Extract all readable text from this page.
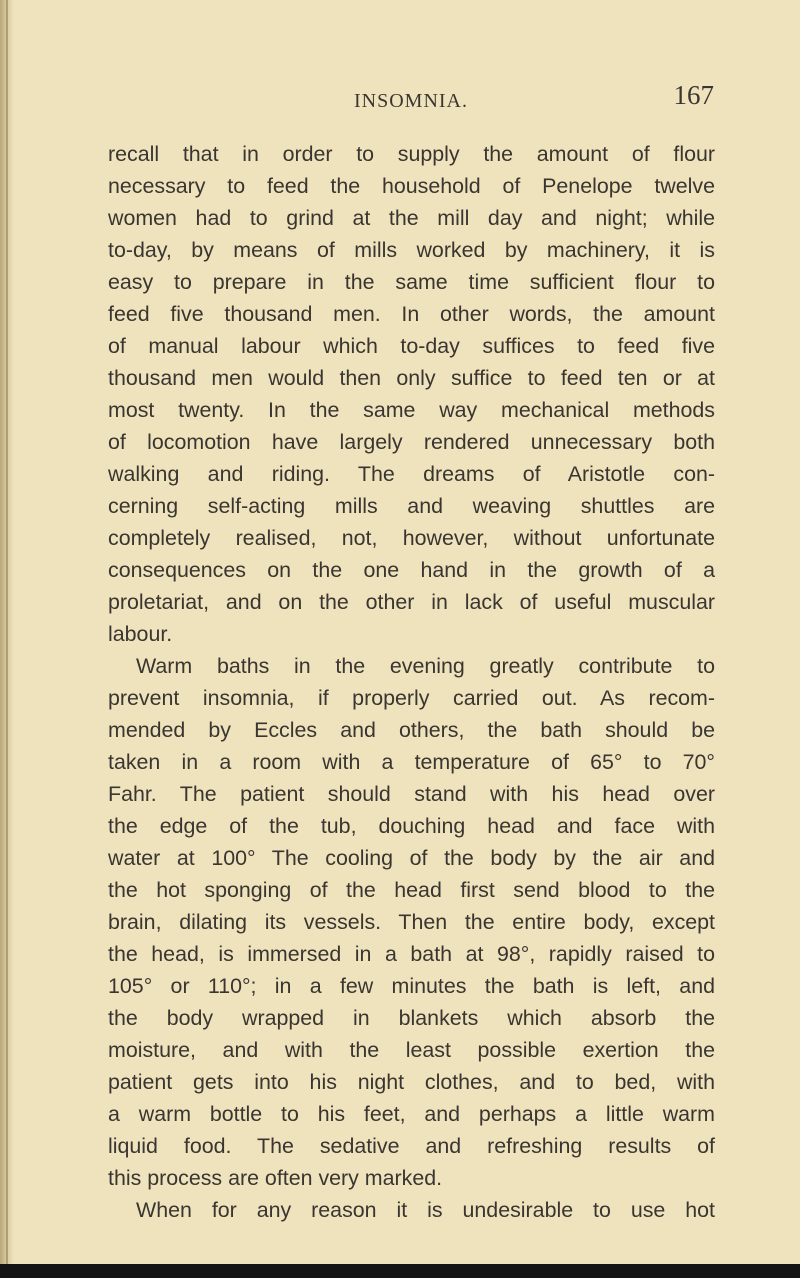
INSOMNIA.	167
recall that in order to supply the amount of flour
necessary to feed the household of Penelope twelve
women had to grind at the mill day and night; while
to-day, by means of mills worked by machinery, it is
easy to prepare in the same time sufficient flour to
feed five thousand men. In other words, the amount
of manual labour which to-day suffices to feed five
thousand men would then only suffice to feed ten or at
most twenty. In the same way mechanical methods
of locomotion have largely rendered unnecessary both
walking and riding. The dreams of Aristotle con-
cerning self-acting mills and weaving shuttles are
completely realised, not, however, without unfortunate
consequences on the one hand in the growth of a
proletariat, and on the other in lack of useful muscular
labour.
Warm baths in the evening greatly contribute to
prevent insomnia, if properly carried out. As recom-
mended by Eccles and others, the bath should be
taken in a room with a temperature of 65° to 70°
Fahr. The patient should stand with his head over
the edge of the tub, douching head and face with
water at 100° The cooling of the body by the air and
the hot sponging of the head first send blood to the
brain, dilating its vessels. Then the entire body, except
the head, is immersed in a bath at 98°, rapidly raised to
105° or 110°; in a few minutes the bath is left, and
the body wrapped in blankets which absorb the
moisture, and with the least possible exertion the
patient gets into his night clothes, and to bed, with
a warm bottle to his feet, and perhaps a little warm
liquid food. The sedative and refreshing results of
this process are often very marked.
When for any reason it is undesirable to use hot
